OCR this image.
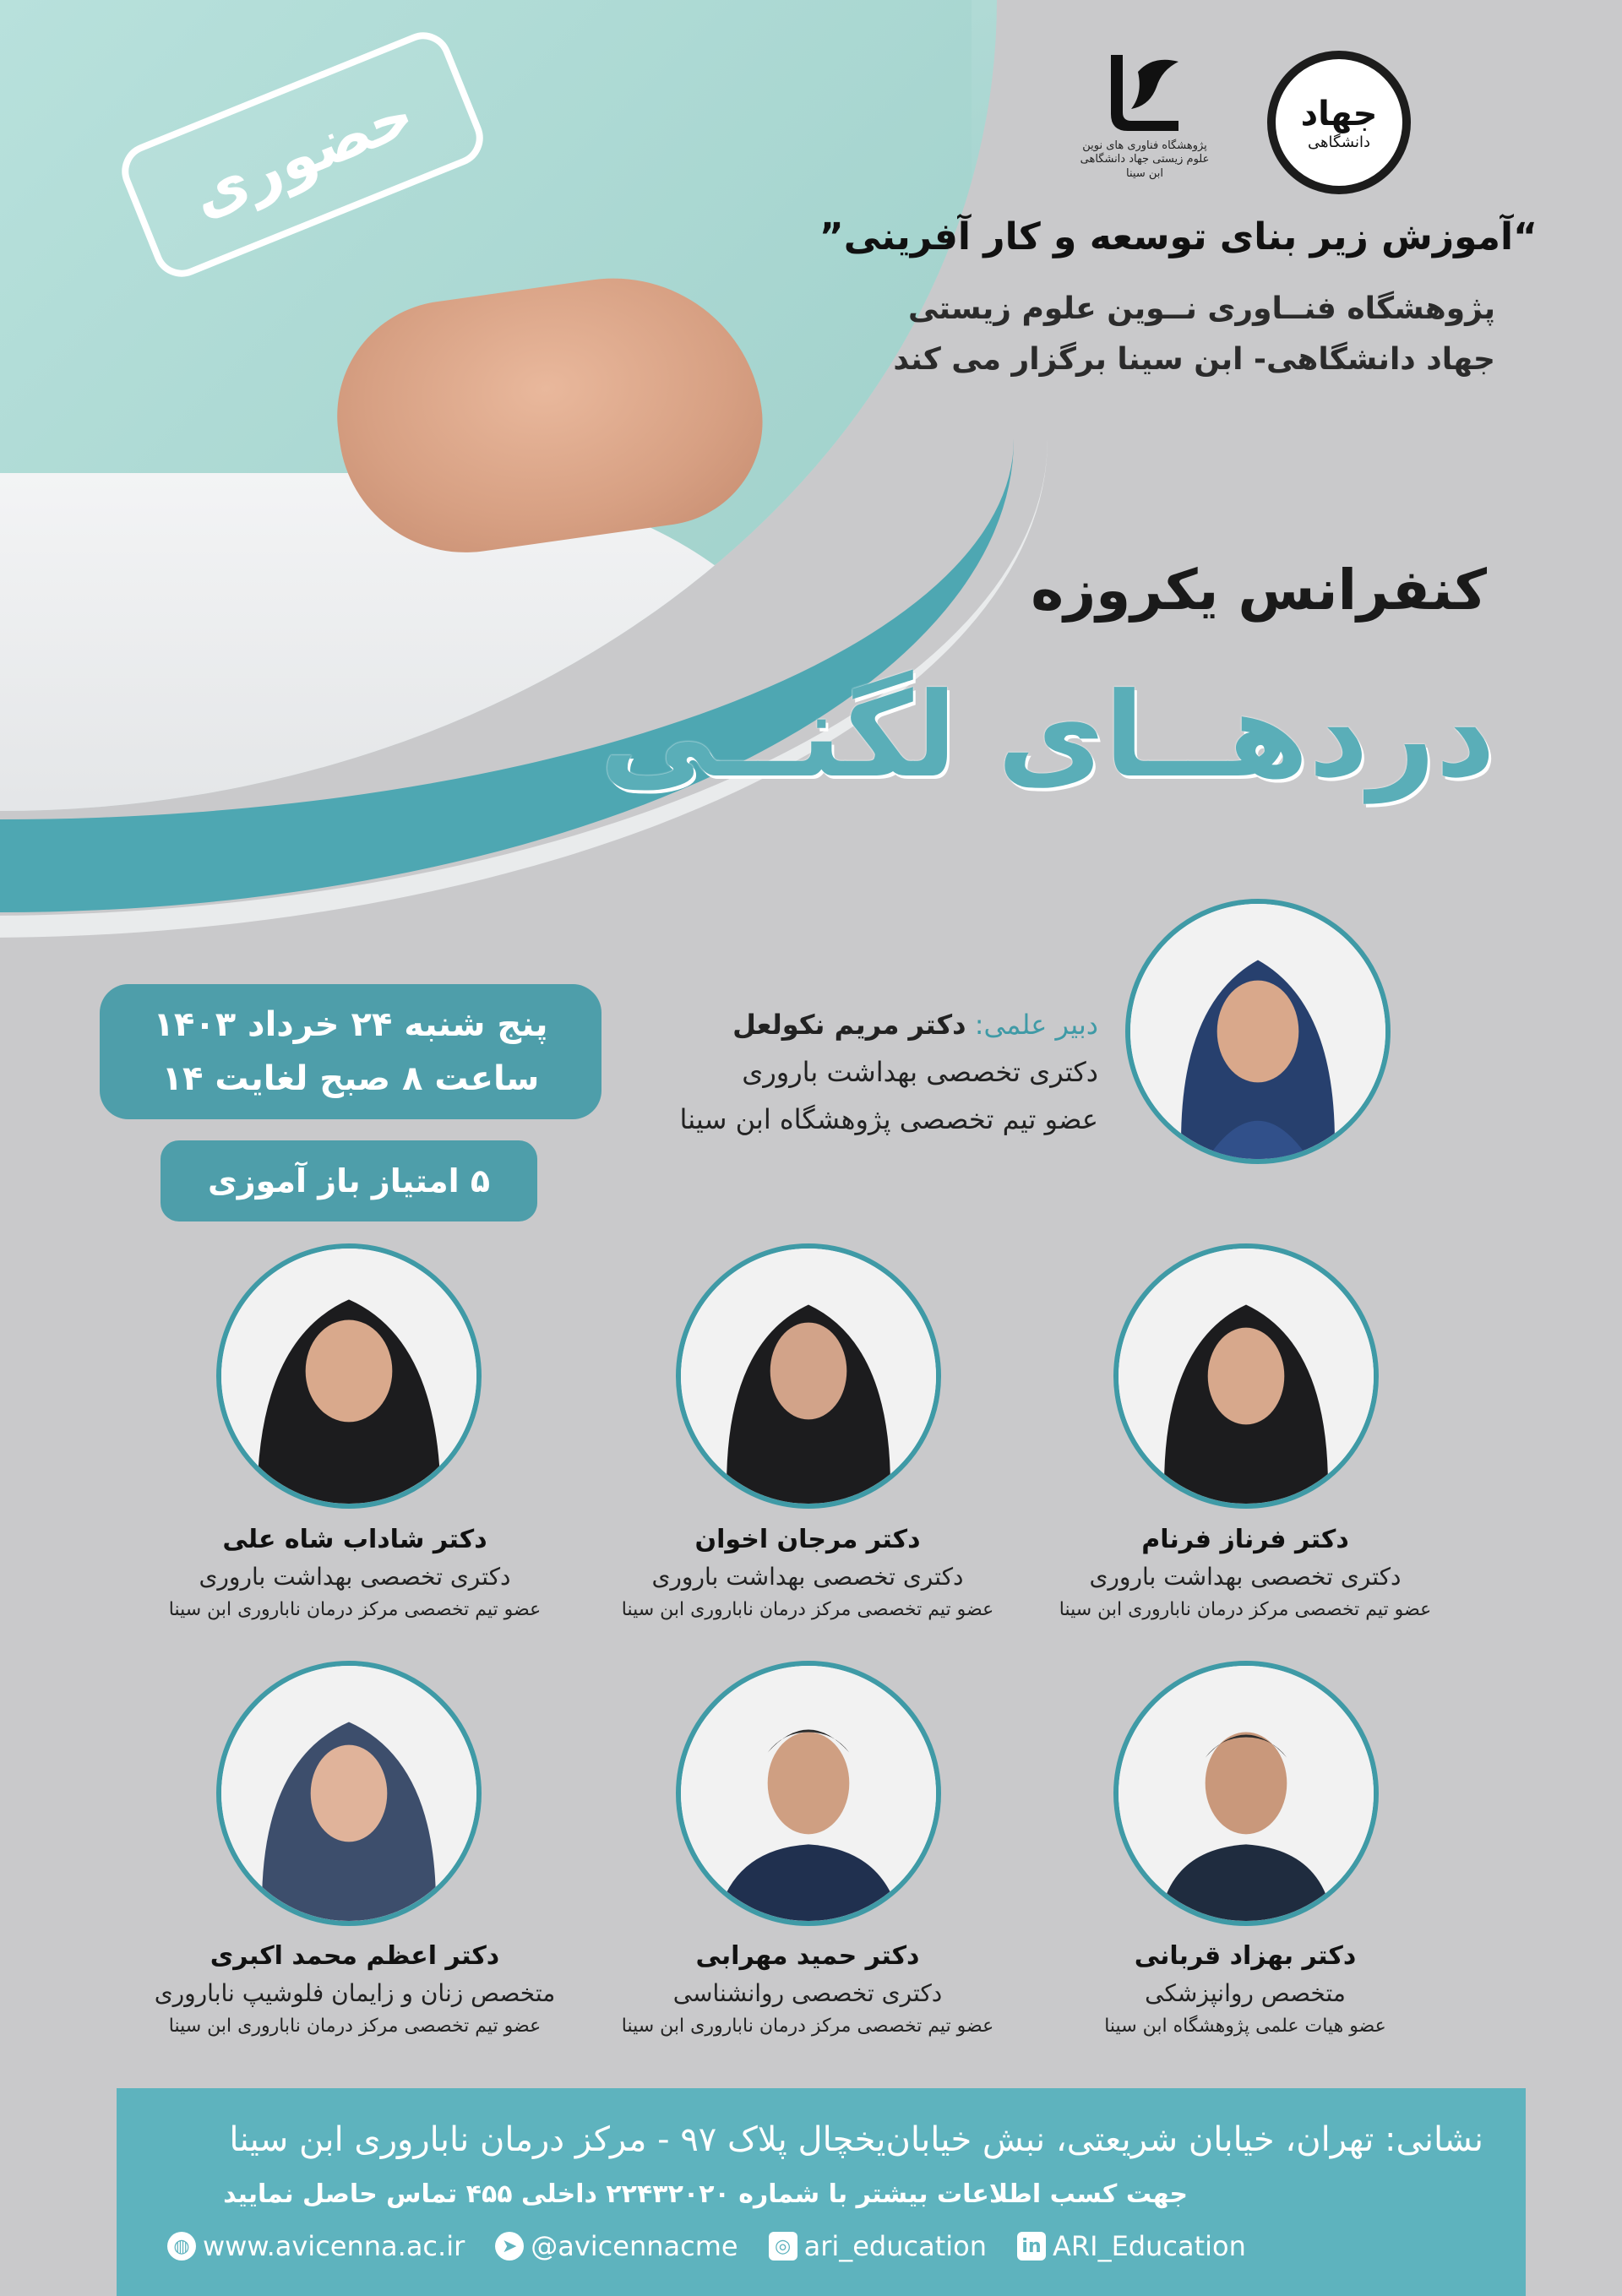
حضوری	پژوهشگاه فناوری های نوین
علوم زیستی جهاد دانشگاهی
ابن سینا
جهاد
دانشگاهی
“آموزش زیر بنای توسعه و کار آفرینی”
پژوهشگاه فنــاوری نــوین علوم زیستی
جهاد دانشگاهی- ابن سینا برگزار می کند
کنفرانس یکروزه
دردهــای لگنــی
پنج شنبه ۲۴ خرداد ۱۴۰۳
ساعت ۸ صبح لغایت ۱۴
۵ امتیاز باز آموزی
دبیر علمی: دکتر مریم نکولعل
دکتری تخصصی بهداشت باروری
عضو تیم تخصصی پژوهشگاه ابن سینا
دکتر فرناز فرنام
دکتری تخصصی بهداشت باروری
عضو تیم تخصصی مرکز درمان ناباروری ابن سینا
دکتر مرجان اخوان
دکتری تخصصی بهداشت باروری
عضو تیم تخصصی مرکز درمان ناباروری ابن سینا
دکتر شاداب شاه علی
دکتری تخصصی بهداشت باروری
عضو تیم تخصصی مرکز درمان ناباروری ابن سینا
دکتر بهزاد قربانی
متخصص روانپزشکی
عضو هیات علمی پژوهشگاه ابن سینا
دکتر حمید مهرابی
دکتری تخصصی روانشناسی
عضو تیم تخصصی مرکز درمان ناباروری ابن سینا
دکتر اعظم محمد اکبری
متخصص زنان و زایمان فلوشیپ ناباروری
عضو تیم تخصصی مرکز درمان ناباروری ابن سینا
نشانی: تهران، خیابان شریعتی، نبش خیابان‌یخچال پلاک ۹۷ - مرکز درمان ناباروری ابن سینا
جهت کسب اطلاعات بیشتر با شماره ۲۲۴۳۲۰۲۰ داخلی ۴۵۵ تماس حاصل نمایید
◍ www.avicenna.ac.ir	➤ @avicennacme	◎ ari_education in ARI_Education
